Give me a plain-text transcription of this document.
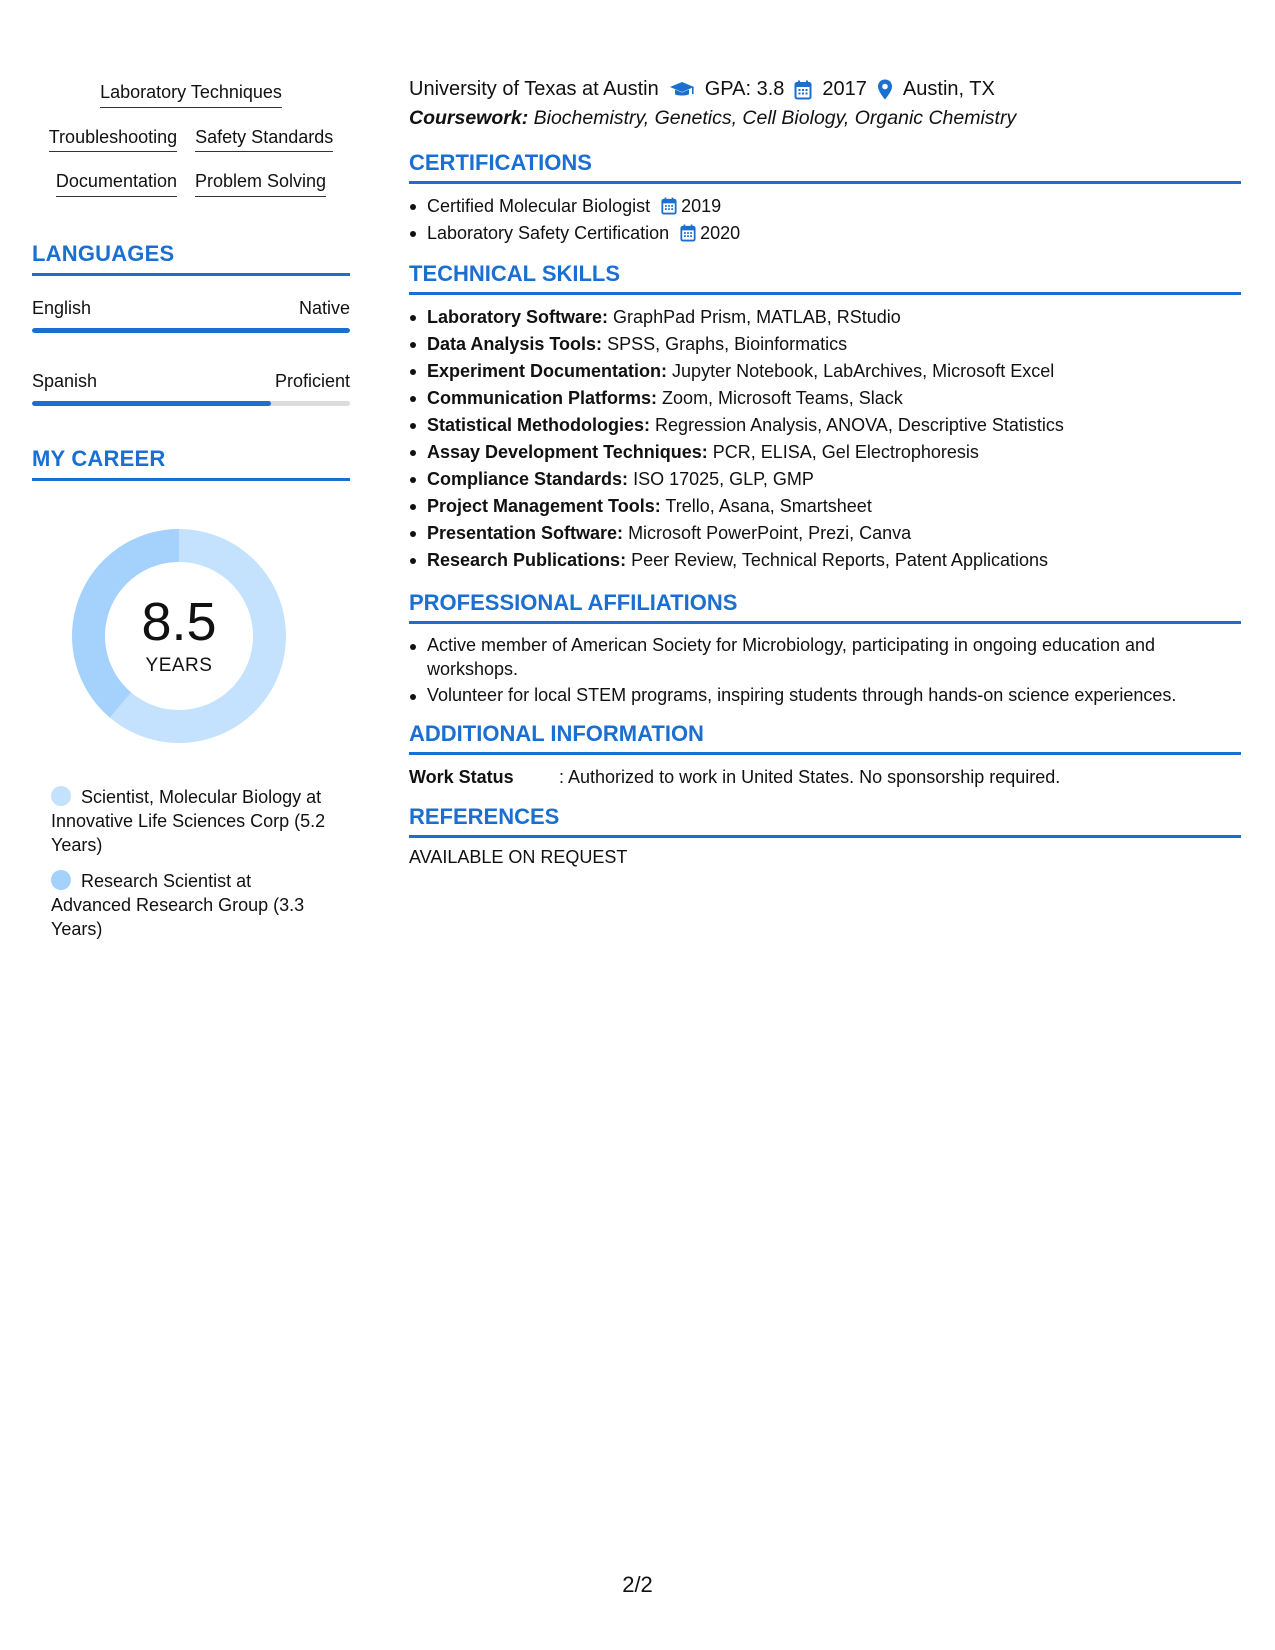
Laboratory Techniques
Troubleshooting Safety Standards
Documentation Problem Solving
LANGUAGES
English	Native
Spanish	Proficient
MY CAREER
8.5
YEARS
Scientist, Molecular Biology at Innovative Life Sciences Corp (5.2 Years)
Research Scientist at Advanced Research Group (3.3 Years)
University of Texas at Austin GPA: 3.8 2017 Austin, TX
Coursework: Biochemistry, Genetics, Cell Biology, Organic Chemistry
CERTIFICATIONS
Certified Molecular Biologist 2019
Laboratory Safety Certification 2020
TECHNICAL SKILLS
Laboratory Software: GraphPad Prism, MATLAB, RStudio
Data Analysis Tools: SPSS, Graphs, Bioinformatics
Experiment Documentation: Jupyter Notebook, LabArchives, Microsoft Excel
Communication Platforms: Zoom, Microsoft Teams, Slack
Statistical Methodologies: Regression Analysis, ANOVA, Descriptive Statistics
Assay Development Techniques: PCR, ELISA, Gel Electrophoresis
Compliance Standards: ISO 17025, GLP, GMP
Project Management Tools: Trello, Asana, Smartsheet
Presentation Software: Microsoft PowerPoint, Prezi, Canva
Research Publications: Peer Review, Technical Reports, Patent Applications
PROFESSIONAL AFFILIATIONS
Active member of American Society for Microbiology, participating in ongoing education and workshops.
Volunteer for local STEM programs, inspiring students through hands-on science experiences.
ADDITIONAL INFORMATION
Work Status	: Authorized to work in United States. No sponsorship required.
REFERENCES
AVAILABLE ON REQUEST
2/2
